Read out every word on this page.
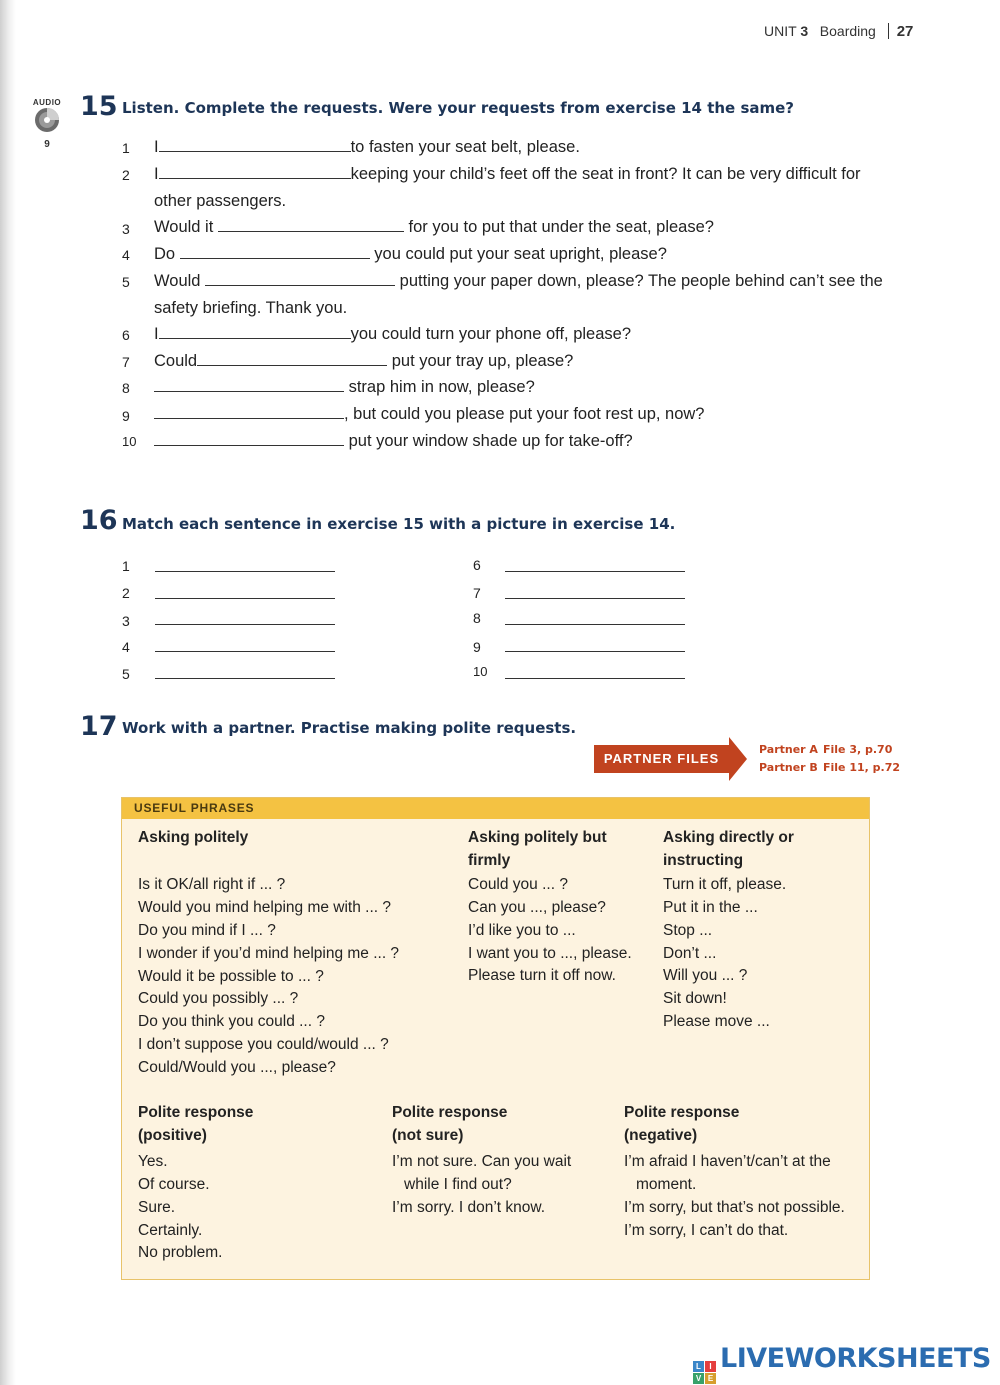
UNIT 3 Boarding 27
AUDIO
9
15 Listen. Complete the requests. Were your requests from exercise 14 the same?
1	I	to fasten your seat belt, please.
2	I	keeping your child’s feet off the seat in front? It can be very difficult for
other passengers.
3	Would it	for you to put that under the seat, please?
4	Do	you could put your seat upright, please?
5	Would	putting your paper down, please? The people behind can’t see the
safety briefing. Thank you.
6	I	you could turn your phone off, please?
7	Could	put your tray up, please?
8	strap him in now, please?
9	, but could you please put your foot rest up, now?
10	put your window shade up for take-off?
16 Match each sentence in exercise 15 with a picture in exercise 14.
1
2
3
4
5
6
7
8
9
10
17 Work with a partner. Practise making polite requests.
PARTNER FILES
Partner A File 3, p.70
Partner B File 11, p.72
USEFUL PHRASES
Asking politely
Is it OK/all right if ... ?
Would you mind helping me with ... ?
Do you mind if I ... ?
I wonder if you’d mind helping me ... ?
Would it be possible to ... ?
Could you possibly ... ?
Do you think you could ... ?
I don’t suppose you could/would ... ?
Could/Would you ..., please?
Asking politely but
firmly
Could you ... ?
Can you ..., please?
I’d like you to ...
I want you to ..., please.
Please turn it off now.
Asking directly or
instructing
Turn it off, please.
Put it in the ...
Stop ...
Don’t ...
Will you ... ?
Sit down!
Please move ...
Polite response
(positive)
Yes.
Of course.
Sure.
Certainly.
No problem.
Polite response
(not sure)
I’m not sure. Can you wait
while I find out?
I’m sorry. I don’t know.
Polite response
(negative)
I’m afraid I haven’t/can’t at the
moment.
I’m sorry, but that’s not possible.
I’m sorry, I can’t do that.
L	I
V E
LIVEWORKSHEETS
